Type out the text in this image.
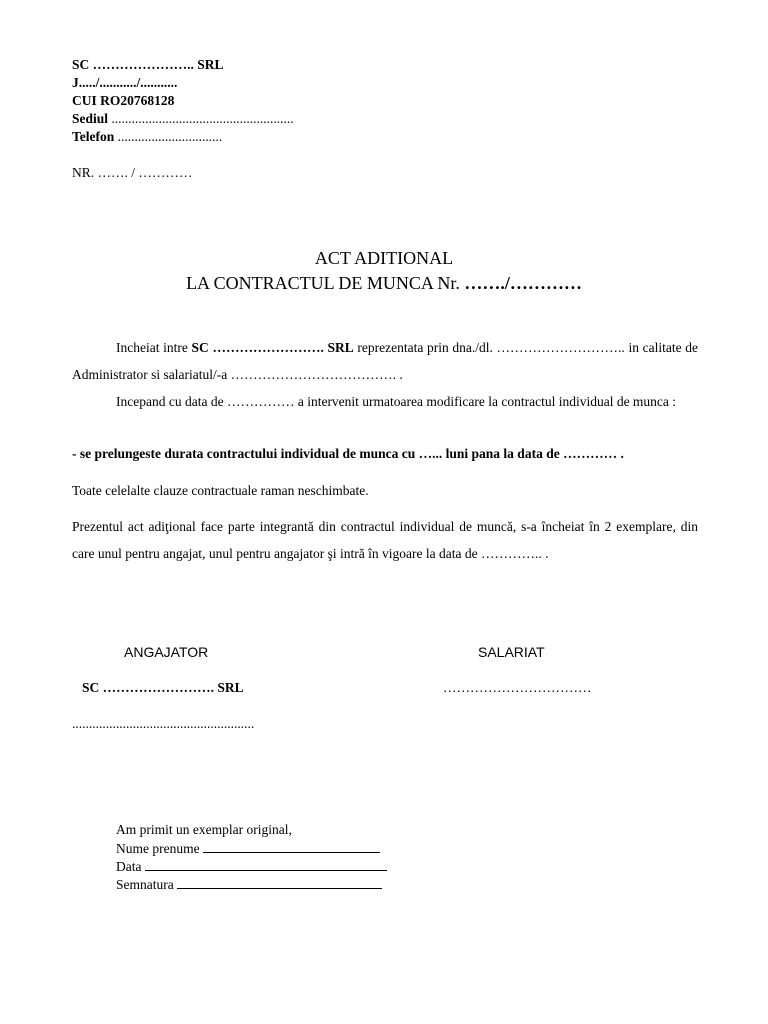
SC ………………….. SRL
J...../.........../...........
CUI RO20768128
Sediul ......................................................
Telefon ...............................
NR. ……. / …………
ACT ADITIONAL
LA CONTRACTUL DE MUNCA Nr. ……./…………

Incheiat intre SC ……………………. SRL reprezentata prin dna./dl. ……………………….. in calitate de Administrator si salariatul/-a ………………………………. .

Incepand cu data de …………… a intervenit urmatoarea modificare la contractul individual de munca :

- se prelungeste durata contractului individual de munca cu …... luni pana la data de ………… .
Toate celelalte clauze contractuale raman neschimbate.
Prezentul act adiţional face parte integrantă din contractul individual de muncă, s-a încheiat în 2 exemplare, din care unul pentru angajat, unul pentru angajator şi intră în vigoare la data de ………….. .
ANGAJATOR	SALARIAT
SC ……………………. SRL	……………………………
......................................................
Am primit un exemplar original,
Nume prenume
Data
Semnatura
